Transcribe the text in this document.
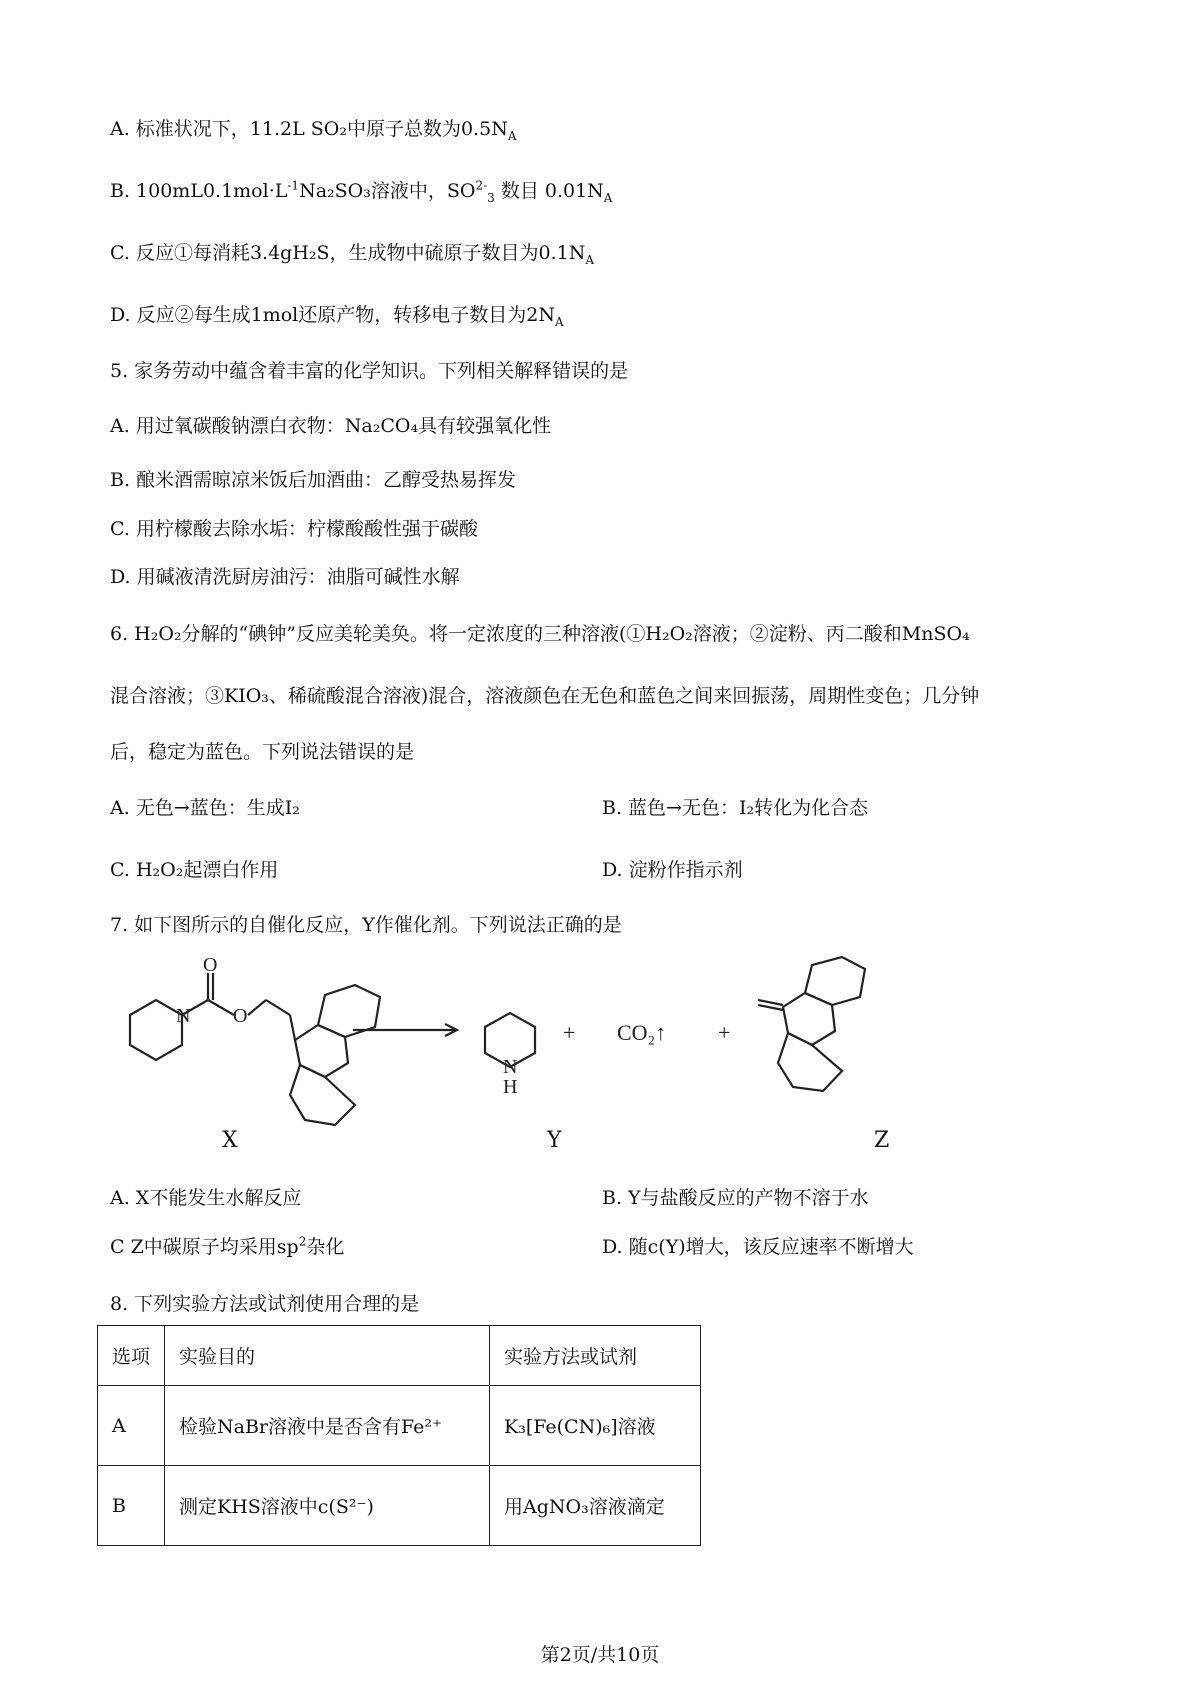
A. 标准状况下，11.2L SO₂中原子总数为$0.5N_A$
B. $100mL0.1mol\cdot L^{-1}Na_2SO_3$溶液中，$SO^{2-}_3$ 数目 $0.01N_A$
C. 反应①每消耗3.4gH₂S，生成物中硫原子数目为$0.1N_A$
D. 反应②每生成1mol还原产物，转移电子数目为$2N_A$
5. 家务劳动中蕴含着丰富的化学知识。下列相关解释错误的是
A. 用过氧碳酸钠漂白衣物：Na₂CO₄具有较强氧化性
B. 酿米酒需晾凉米饭后加酒曲：乙醇受热易挥发
C. 用柠檬酸去除水垢：柠檬酸酸性强于碳酸
D. 用碱液清洗厨房油污：油脂可碱性水解
6. H₂O₂分解的“碘钟”反应美轮美奂。将一定浓度的三种溶液(①H₂O₂溶液；②淀粉、丙二酸和MnSO₄
混合溶液；③KIO₃、稀硫酸混合溶液)混合，溶液颜色在无色和蓝色之间来回振荡，周期性变色；几分钟
后，稳定为蓝色。下列说法错误的是
A. 无色→蓝色：生成I₂	B. 蓝色→无色：I₂转化为化合态
C. H₂O₂起漂白作用	D. 淀粉作指示剂
7. 如下图所示的自催化反应，Y作催化剂。下列说法正确的是
O
N O
N
H
+ CO₂↑ +
X	Y	Z
A. X不能发生水解反应	B. Y与盐酸反应的产物不溶于水
C Z中碳原子均采用$sp^2$杂化	D. 随c(Y)增大，该反应速率不断增大
8. 下列实验方法或试剂使用合理的是
选项	实验目的	实验方法或试剂
A	检验NaBr溶液中是否含有Fe²⁺	K₃[Fe(CN)₆]溶液
B	测定KHS溶液中c(S²⁻)	用AgNO₃溶液滴定
第2页/共10页
